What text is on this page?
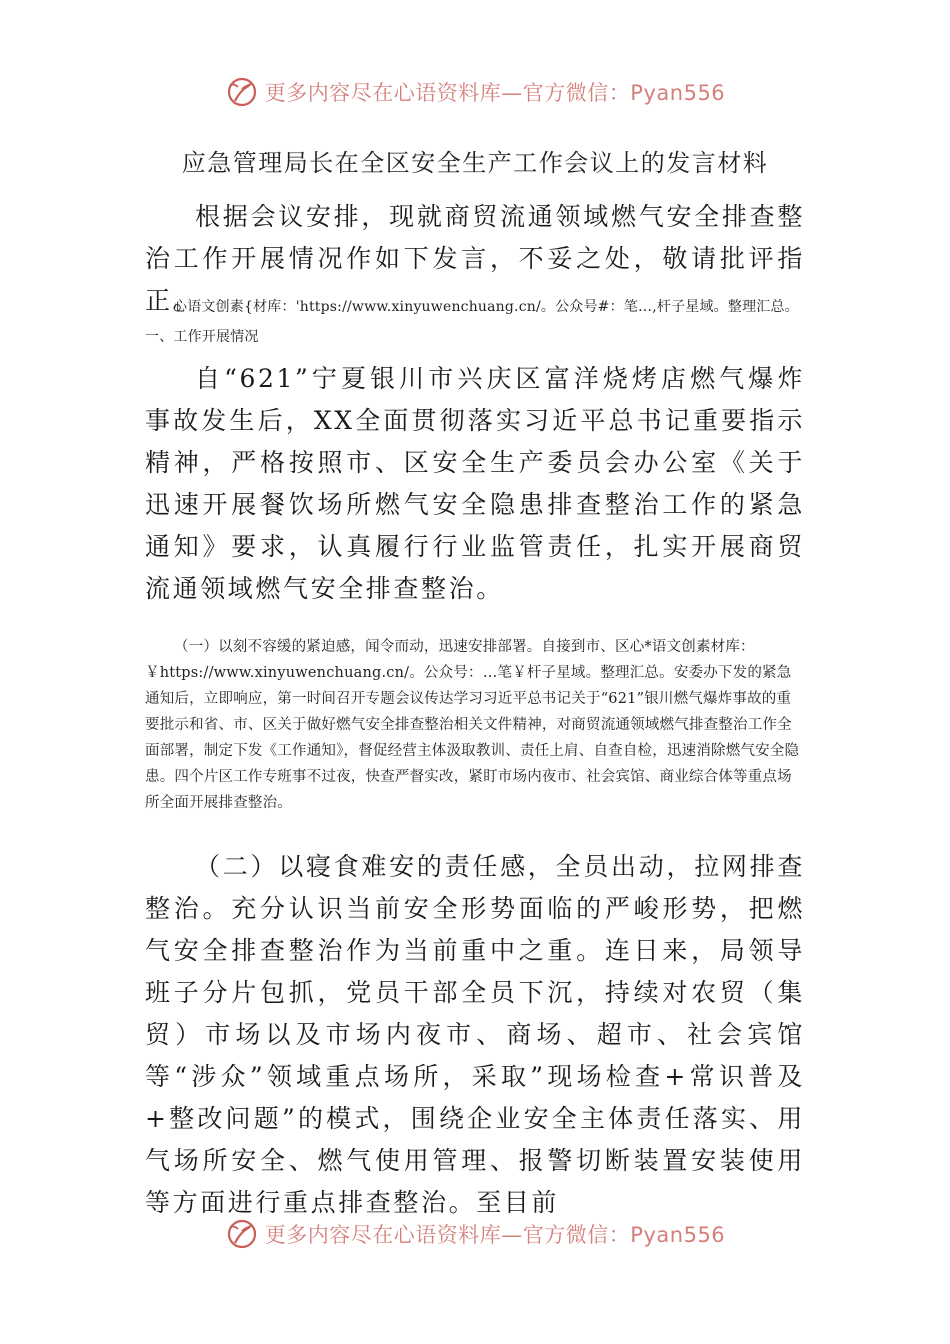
更多内容尽在心语资料库—官方微信：Pyan556
应急管理局长在全区安全生产工作会议上的发言材料
根据会议安排，现就商贸流通领域燃气安全排查整治工作开展情况作如下发言，不妥之处，敬请批评指正。
心语文创素{材库：'https://www.xinyuwenchuang.cn/。公众号#：笔…,杆子星域。整理汇总。一、工作开展情况
自“621”宁夏银川市兴庆区富洋烧烤店燃气爆炸事故发生后，XX全面贯彻落实习近平总书记重要指示精神，严格按照市、区安全生产委员会办公室《关于迅速开展餐饮场所燃气安全隐患排查整治工作的紧急通知》要求，认真履行行业监管责任，扎实开展商贸流通领域燃气安全排查整治。
（一）以刻不容缓的紧迫感，闻令而动，迅速安排部署。自接到市、区心*语文创素材库：￥https://www.xinyuwenchuang.cn/。公众号：…笔￥杆子星域。整理汇总。安委办下发的紧急通知后，立即响应，第一时间召开专题会议传达学习习近平总书记关于“621”银川燃气爆炸事故的重要批示和省、市、区关于做好燃气安全排查整治相关文件精神，对商贸流通领域燃气排查整治工作全面部署，制定下发《工作通知》，督促经营主体汲取教训、责任上肩、自查自检，迅速消除燃气安全隐患。四个片区工作专班事不过夜，快查严督实改，紧盯市场内夜市、社会宾馆、商业综合体等重点场所全面开展排查整治。
（二）以寝食难安的责任感，全员出动，拉网排查整治。充分认识当前安全形势面临的严峻形势，把燃气安全排查整治作为当前重中之重。连日来，局领导班子分片包抓，党员干部全员下沉，持续对农贸（集贸）市场以及市场内夜市、商场、超市、社会宾馆等“涉众”领域重点场所，采取”现场检查+常识普及+整改问题”的模式，围绕企业安全主体责任落实、用气场所安全、燃气使用管理、报警切断装置安装使用等方面进行重点排查整治。至目前
更多内容尽在心语资料库—官方微信：Pyan556
